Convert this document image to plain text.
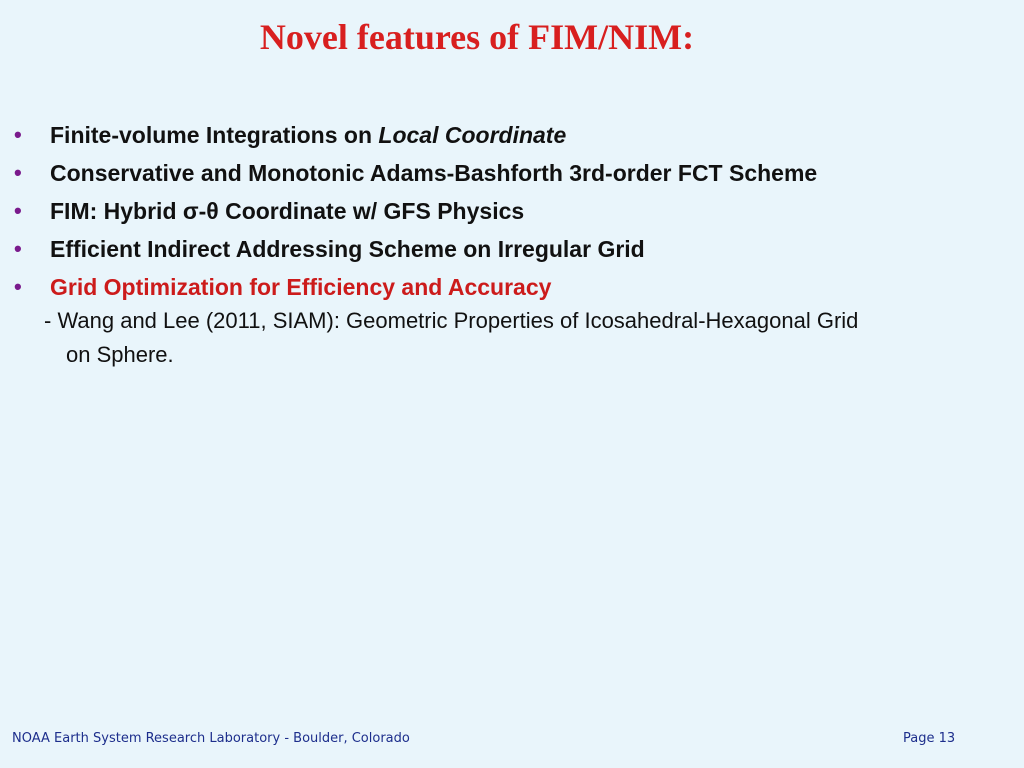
Novel features of FIM/NIM:
•	Finite-volume Integrations on Local Coordinate
•	Conservative and Monotonic Adams-Bashforth 3rd-order FCT Scheme
•	FIM: Hybrid σ-θ Coordinate w/ GFS Physics
•	Efficient Indirect Addressing Scheme on Irregular Grid
•	Grid Optimization for Efficiency and Accuracy

- Wang and Lee (2011, SIAM): Geometric Properties of Icosahedral-Hexagonal Grid
on Sphere.

NOAA Earth System Research Laboratory - Boulder, Colorado	Page 13
